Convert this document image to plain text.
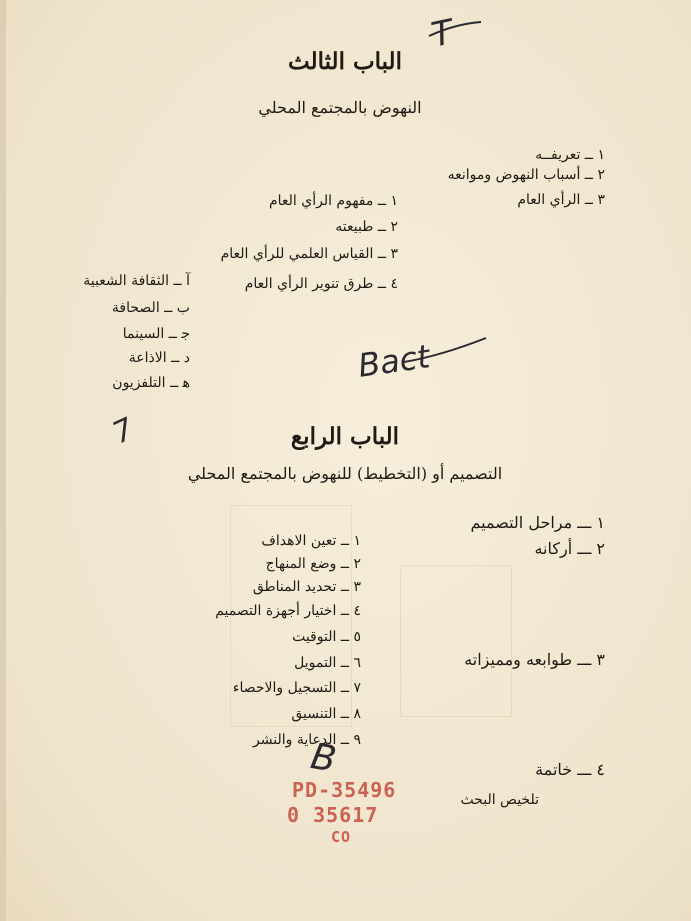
الباب الثالث
النهوض بالمجتمع المحلي
١ ــ تعريفــه
٢ ــ أسباب النهوض وموانعه
٣ ــ الرأي العام
١ ــ مفهوم الرأي العام
٢ ــ طبيعته
٣ ــ القياس العلمي للرأي العام
٤ ــ طرق تنوير الرأي العام
آ ــ الثقافة الشعبية
ب ــ الصحافة
ﺟ ــ السينما
د ــ الاذاعة
ﻫ ــ التلفزيون
الباب الرابع
التصميم أو (التخطيط) للنهوض بالمجتمع المحلي
١ ـــ مراحل التصميم
٢ ـــ أركانه
٣ ـــ طوابعه ومميزاته
٤ ـــ خاتمة
تلخيص البحث
١ ــ تعين الاهداف
٢ ــ وضع المنهاج
٣ ــ تحديد المناطق
٤ ــ اختيار أجهزة التصميم
٥ ــ التوقيت
٦ ــ التمويل
٧ ــ التسجيل والاحصاء
٨ ــ التنسيق
٩ ــ الدعاية والنشر
T
Bact
7
B
PD-35496
0 35617
CO
